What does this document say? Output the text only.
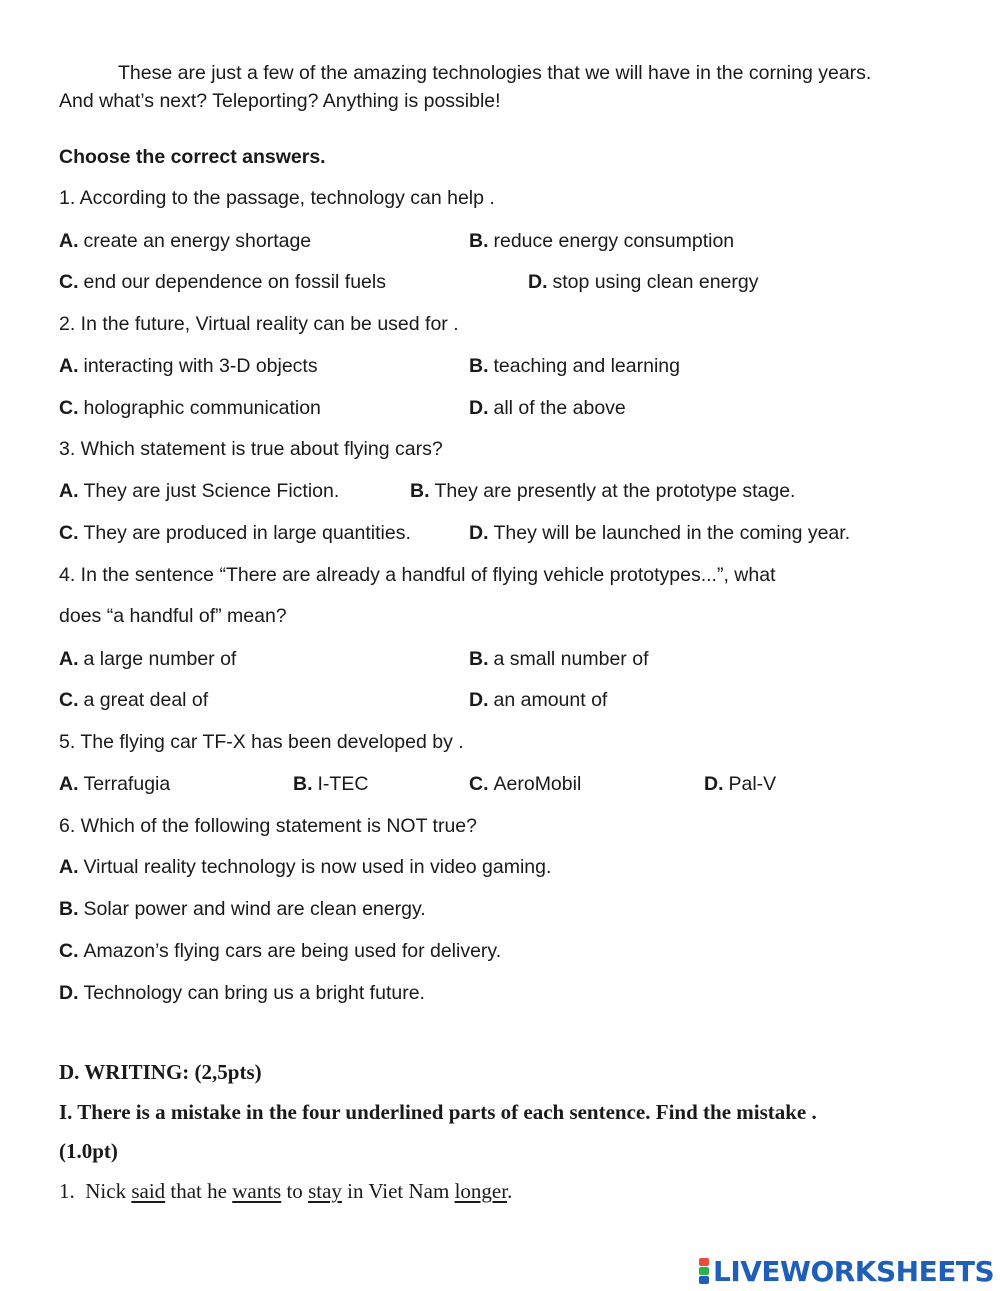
These are just a few of the amazing technologies that we will have in the corning years.
And what’s next? Teleporting? Anything is possible!
Choose the correct answers.
1. According to the passage, technology can help .
A. create an energy shortage	B. reduce energy consumption
C. end our dependence on fossil fuels	D. stop using clean energy
2. In the future, Virtual reality can be used for .
A. interacting with 3-D objects	B. teaching and learning
C. holographic communication	D. all of the above
3. Which statement is true about flying cars?
A. They are just Science Fiction.	B. They are presently at the prototype stage.
C. They are produced in large quantities.	D. They will be launched in the coming year.
4. In the sentence “There are already a handful of flying vehicle prototypes...”, what
does “a handful of” mean?
A. a large number of	B. a small number of
C. a great deal of	D. an amount of
5. The flying car TF-X has been developed by .
A. Terrafugia	B. I-TEC	C. AeroMobil	D. Pal-V
6. Which of the following statement is NOT true?
A. Virtual reality technology is now used in video gaming.
B. Solar power and wind are clean energy.
C. Amazon’s flying cars are being used for delivery.
D. Technology can bring us a bright future.
D. WRITING: (2,5pts)
I. There is a mistake in the four underlined parts of each sentence. Find the mistake .
(1.0pt)
1. Nick said that he wants to stay in Viet Nam longer.
LIVEWORKSHEETS
